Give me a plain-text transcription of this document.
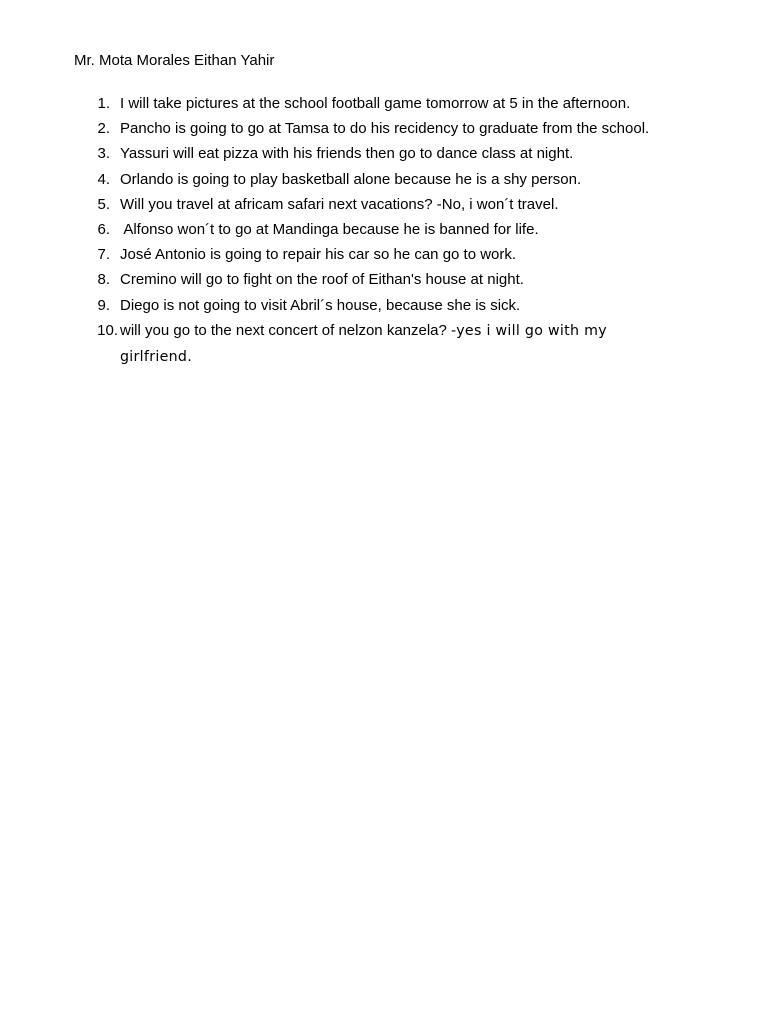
Mr. Mota Morales Eithan Yahir
1. I will take pictures at the school football game tomorrow at 5 in the afternoon.
2. Pancho is going to go at Tamsa to do his recidency to graduate from the school.
3. Yassuri will eat pizza with his friends then go to dance class at night.
4. Orlando is going to play basketball alone because he is a shy person.
5. Will you travel at africam safari next vacations? -No, i won´t travel.
6. Alfonso won´t to go at Mandinga because he is banned for life.
7. José Antonio is going to repair his car so he can go to work.
8. Cremino will go to fight on the roof of Eithan's house at night.
9. Diego is not going to visit Abril´s house, because she is sick.
10. will you go to the next concert of nelzon kanzela? -yes i will go with my girlfriend.
